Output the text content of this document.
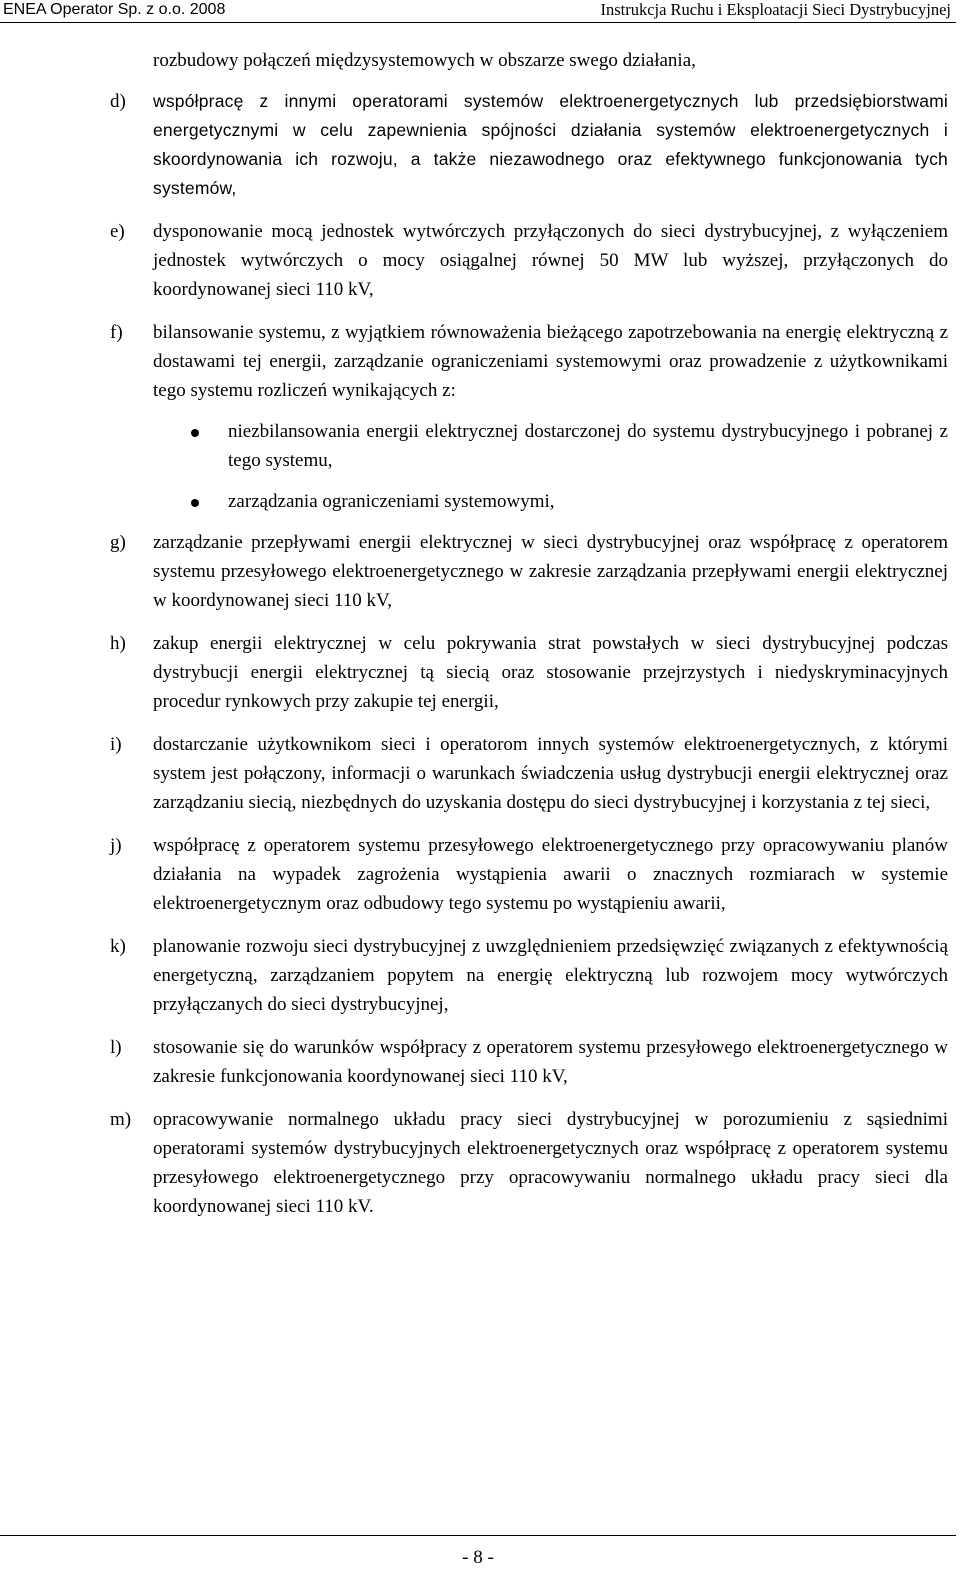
ENEA Operator Sp. z o.o. 2008	Instrukcja Ruchu i Eksploatacji Sieci Dystrybucyjnej
rozbudowy połączeń międzysystemowych w obszarze swego działania,
d) współpracę z innymi operatorami systemów elektroenergetycznych lub przedsiębiorstwami energetycznymi w celu zapewnienia spójności działania systemów elektroenergetycznych i skoordynowania ich rozwoju, a także niezawodnego oraz efektywnego funkcjonowania tych systemów,
e) dysponowanie mocą jednostek wytwórczych przyłączonych do sieci dystrybucyjnej, z wyłączeniem jednostek wytwórczych o mocy osiągalnej równej 50 MW lub wyższej, przyłączonych do koordynowanej sieci 110 kV,
f) bilansowanie systemu, z wyjątkiem równoważenia bieżącego zapotrzebowania na energię elektryczną z dostawami tej energii, zarządzanie ograniczeniami systemowymi oraz prowadzenie z użytkownikami tego systemu rozliczeń wynikających z:
niezbilansowania energii elektrycznej dostarczonej do systemu dystrybucyjnego i pobranej z tego systemu,
zarządzania ograniczeniami systemowymi,
g) zarządzanie przepływami energii elektrycznej w sieci dystrybucyjnej oraz współpracę z operatorem systemu przesyłowego elektroenergetycznego w zakresie zarządzania przepływami energii elektrycznej w koordynowanej sieci 110 kV,
h) zakup energii elektrycznej w celu pokrywania strat powstałych w sieci dystrybucyjnej podczas dystrybucji energii elektrycznej tą siecią oraz stosowanie przejrzystych i niedyskryminacyjnych procedur rynkowych przy zakupie tej energii,
i) dostarczanie użytkownikom sieci i operatorom innych systemów elektroenergetycznych, z którymi system jest połączony, informacji o warunkach świadczenia usług dystrybucji energii elektrycznej oraz zarządzaniu siecią, niezbędnych do uzyskania dostępu do sieci dystrybucyjnej i korzystania z tej sieci,
j) współpracę z operatorem systemu przesyłowego elektroenergetycznego przy opracowywaniu planów działania na wypadek zagrożenia wystąpienia awarii o znacznych rozmiarach w systemie elektroenergetycznym oraz odbudowy tego systemu po wystąpieniu awarii,
k) planowanie rozwoju sieci dystrybucyjnej z uwzględnieniem przedsięwzięć związanych z efektywnością energetyczną, zarządzaniem popytem na energię elektryczną lub rozwojem mocy wytwórczych przyłączanych do sieci dystrybucyjnej,
l) stosowanie się do warunków współpracy z operatorem systemu przesyłowego elektroenergetycznego w zakresie funkcjonowania koordynowanej sieci 110 kV,
m) opracowywanie normalnego układu pracy sieci dystrybucyjnej w porozumieniu z sąsiednimi operatorami systemów dystrybucyjnych elektroenergetycznych oraz współpracę z operatorem systemu przesyłowego elektroenergetycznego przy opracowywaniu normalnego układu pracy sieci dla koordynowanej sieci 110 kV.
- 8 -
